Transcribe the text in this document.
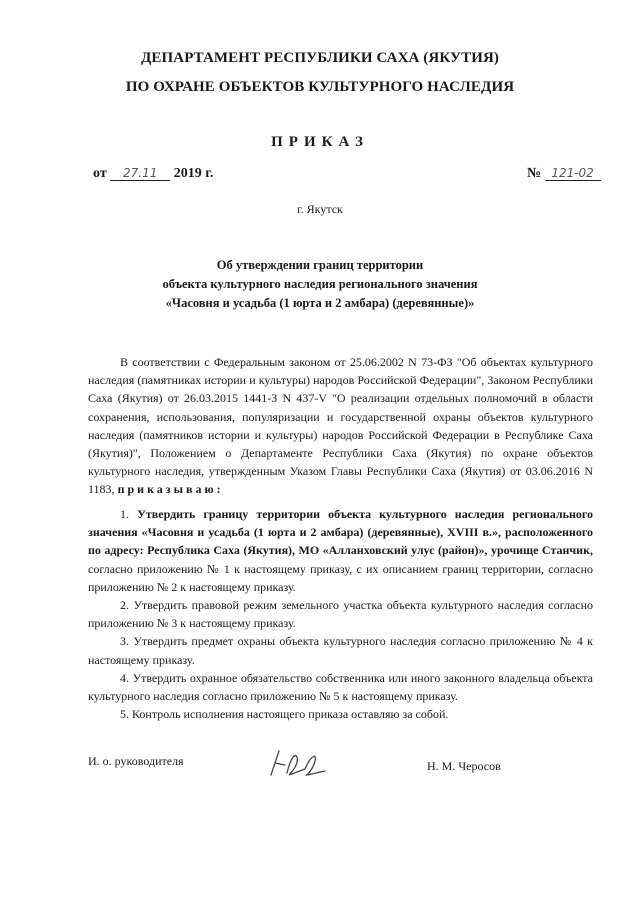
ДЕПАРТАМЕНТ РЕСПУБЛИКИ САХА (ЯКУТИЯ)
ПО ОХРАНЕ ОБЪЕКТОВ КУЛЬТУРНОГО НАСЛЕДИЯ
ПРИКАЗ
от 27.11 2019 г.	№ 121-02
г. Якутск
Об утверждении границ территории
объекта культурного наследия регионального значения
«Часовня и усадьба (1 юрта и 2 амбара) (деревянные)»

В соответствии с Федеральным законом от 25.06.2002 N 73-ФЗ "Об объектах культурного наследия (памятниках истории и культуры) народов Российской Федерации", Законом Республики Саха (Якутия) от 26.03.2015 1441-З N 437-V "О реализации отдельных полномочий в области сохранения, использования, популяризации и государственной охраны объектов культурного наследия (памятников истории и культуры) народов Российской Федерации в Республике Саха (Якутия)", Положением о Департаменте Республики Саха (Якутия) по охране объектов культурного наследия, утвержденным Указом Главы Республики Саха (Якутия) от 03.06.2016 N 1183, приказываю:

1. Утвердить границу территории объекта культурного наследия регионального значения «Часовня и усадьба (1 юрта и 2 амбара) (деревянные), XVIII в.», расположенного по адресу: Республика Саха (Якутия), МО «Алланховский улус (район)», урочище Станчик, согласно приложению № 1 к настоящему приказу, с их описанием границ территории, согласно приложению № 2 к настоящему приказу.

2. Утвердить правовой режим земельного участка объекта культурного наследия согласно приложению № 3 к настоящему приказу.

3. Утвердить предмет охраны объекта культурного наследия согласно приложению № 4 к настоящему приказу.

4. Утвердить охранное обязательство собственника или иного законного владельца объекта культурного наследия согласно приложению № 5 к настоящему приказу.

5. Контроль исполнения настоящего приказа оставляю за собой.

И. о. руководителя	Н. М. Черосов
